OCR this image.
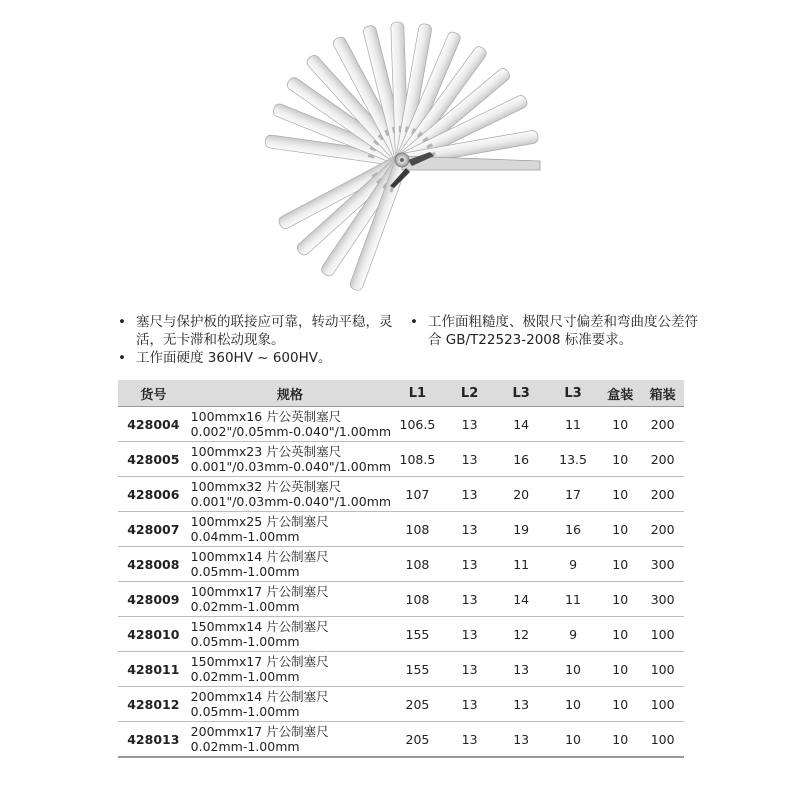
• 塞尺与保护板的联接应可靠，转动平稳，灵活，无卡滞和松动现象。
• 工作面硬度 360HV ~ 600HV。
• 工作面粗糙度、极限尺寸偏差和弯曲度公差符合 GB/T22523-2008 标准要求。
货号	规格	L1	L2	L3	L3	盒装	箱装
428004	100mmx16 片公英制塞尺
0.002"/0.05mm-0.040"/1.00mm	106.5	13	14	11	10	200
428005	100mmx23 片公英制塞尺
0.001"/0.03mm-0.040"/1.00mm	108.5	13	16	13.5	10	200
428006	100mmx32 片公英制塞尺
0.001"/0.03mm-0.040"/1.00mm	107	13	20	17	10	200
428007	100mmx25 片公制塞尺
0.04mm-1.00mm	108	13	19	16	10	200
428008	100mmx14 片公制塞尺
0.05mm-1.00mm	108	13	11	9	10	300
428009	100mmx17 片公制塞尺
0.02mm-1.00mm	108	13	14	11	10	300
428010	150mmx14 片公制塞尺
0.05mm-1.00mm	155	13	12	9	10	100
428011	150mmx17 片公制塞尺
0.02mm-1.00mm	155	13	13	10	10	100
428012	200mmx14 片公制塞尺
0.05mm-1.00mm	205	13	13	10	10	100
428013	200mmx17 片公制塞尺
0.02mm-1.00mm	205	13	13	10	10	100
